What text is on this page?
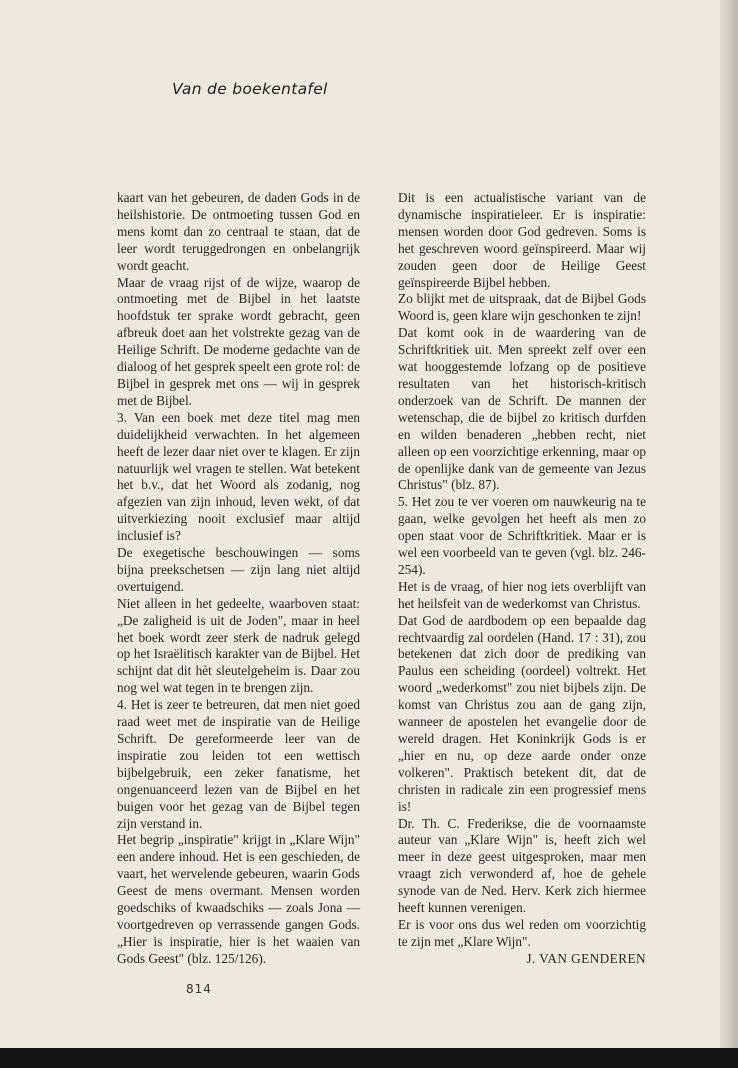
Van de boekentafel

kaart van het gebeuren, de daden Gods in de heilshistorie. De ontmoeting tussen God en mens komt dan zo centraal te staan, dat de leer wordt teruggedrongen en onbelangrijk wordt geacht.

Maar de vraag rijst of de wijze, waarop de ontmoeting met de Bijbel in het laatste hoofdstuk ter sprake wordt gebracht, geen afbreuk doet aan het volstrekte gezag van de Heilige Schrift. De moderne gedachte van de dialoog of het gesprek speelt een grote rol: de Bijbel in gesprek met ons — wij in gesprek met de Bijbel.

3. Van een boek met deze titel mag men duidelijkheid verwachten. In het algemeen heeft de lezer daar niet over te klagen. Er zijn natuurlijk wel vragen te stellen. Wat betekent het b.v., dat het Woord als zodanig, nog afgezien van zijn inhoud, leven wekt, of dat uitverkiezing nooit exclusief maar altijd inclusief is?

De exegetische beschouwingen — soms bijna preekschetsen — zijn lang niet altijd overtuigend.

Niet alleen in het gedeelte, waarboven staat: „De zaligheid is uit de Joden", maar in heel het boek wordt zeer sterk de nadruk gelegd op het Israëlitisch karakter van de Bijbel. Het schijnt dat dit hèt sleutelgeheim is. Daar zou nog wel wat tegen in te brengen zijn.

4. Het is zeer te betreuren, dat men niet goed raad weet met de inspiratie van de Heilige Schrift. De gereformeerde leer van de inspiratie zou leiden tot een wettisch bijbelgebruik, een zeker fanatisme, het ongenuanceerd lezen van de Bijbel en het buigen voor het gezag van de Bijbel tegen zijn verstand in.

Het begrip „inspiratie" krijgt in „Klare Wijn" een andere inhoud. Het is een geschieden, de vaart, het wervelende gebeuren, waarin Gods Geest de mens overmant. Mensen worden goedschiks of kwaadschiks — zoals Jona — voortgedreven op verrassende gangen Gods. „Hier is inspiratie, hier is het waaien van Gods Geest" (blz. 125/126).

Dit is een actualistische variant van de dynamische inspiratieleer. Er is inspiratie: mensen worden door God gedreven. Soms is het geschreven woord geïnspireerd. Maar wij zouden geen door de Heilige Geest geïnspireerde Bijbel hebben.

Zo blijkt met de uitspraak, dat de Bijbel Gods Woord is, geen klare wijn geschonken te zijn!

Dat komt ook in de waardering van de Schriftkritiek uit. Men spreekt zelf over een wat hooggestemde lofzang op de positieve resultaten van het historisch-kritisch onderzoek van de Schrift. De mannen der wetenschap, die de bijbel zo kritisch durfden en wilden benaderen „hebben recht, niet alleen op een voorzichtige erkenning, maar op de openlijke dank van de gemeente van Jezus Christus" (blz. 87).

5. Het zou te ver voeren om nauwkeurig na te gaan, welke gevolgen het heeft als men zo open staat voor de Schriftkritiek. Maar er is wel een voorbeeld van te geven (vgl. blz. 246-254).

Het is de vraag, of hier nog iets overblijft van het heilsfeit van de wederkomst van Christus.

Dat God de aardbodem op een bepaalde dag rechtvaardig zal oordelen (Hand. 17 : 31), zou betekenen dat zich door de prediking van Paulus een scheiding (oordeel) voltrekt. Het woord „wederkomst" zou niet bijbels zijn. De komst van Christus zou aan de gang zijn, wanneer de apostelen het evangelie door de wereld dragen. Het Koninkrijk Gods is er „hier en nu, op deze aarde onder onze volkeren". Praktisch betekent dit, dat de christen in radicale zin een progressief mens is!

Dr. Th. C. Frederikse, die de voornaamste auteur van „Klare Wijn" is, heeft zich wel meer in deze geest uitgesproken, maar men vraagt zich verwonderd af, hoe de gehele synode van de Ned. Herv. Kerk zich hiermee heeft kunnen verenigen.

Er is voor ons dus wel reden om voorzichtig te zijn met „Klare Wijn".

J. VAN GENDEREN

814
